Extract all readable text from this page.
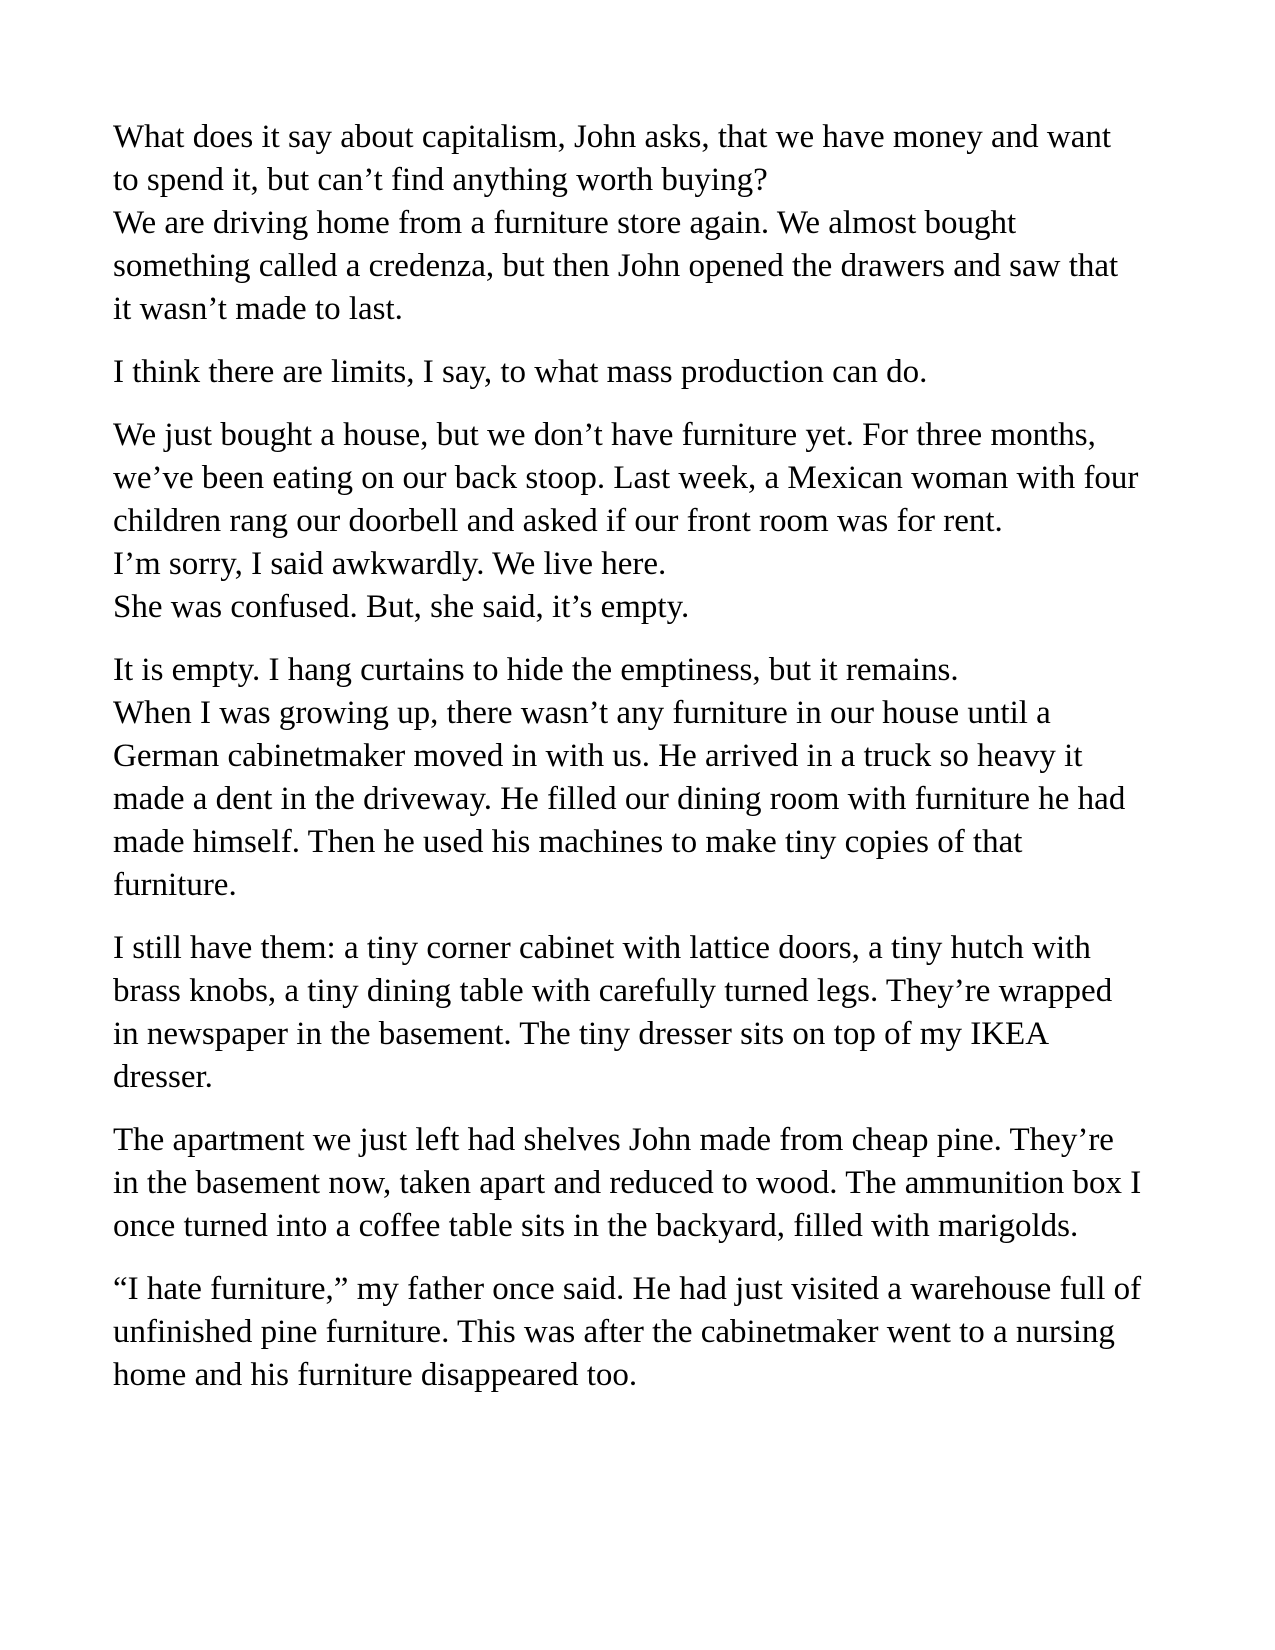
What does it say about capitalism, John asks, that we have money and want
to spend it, but can’t find anything worth buying?
We are driving home from a furniture store again. We almost bought
something called a credenza, but then John opened the drawers and saw that
it wasn’t made to last.
I think there are limits, I say, to what mass production can do.
We just bought a house, but we don’t have furniture yet. For three months,
we’ve been eating on our back stoop. Last week, a Mexican woman with four
children rang our doorbell and asked if our front room was for rent.
I’m sorry, I said awkwardly. We live here.
She was confused. But, she said, it’s empty.
It is empty. I hang curtains to hide the emptiness, but it remains.
When I was growing up, there wasn’t any furniture in our house until a
German cabinetmaker moved in with us. He arrived in a truck so heavy it
made a dent in the driveway. He filled our dining room with furniture he had
made himself. Then he used his machines to make tiny copies of that
furniture.
I still have them: a tiny corner cabinet with lattice doors, a tiny hutch with
brass knobs, a tiny dining table with carefully turned legs. They’re wrapped
in newspaper in the basement. The tiny dresser sits on top of my IKEA
dresser.
The apartment we just left had shelves John made from cheap pine. They’re
in the basement now, taken apart and reduced to wood. The ammunition box I
once turned into a coffee table sits in the backyard, filled with marigolds.
“I hate furniture,” my father once said. He had just visited a warehouse full of
unfinished pine furniture. This was after the cabinetmaker went to a nursing
home and his furniture disappeared too.
